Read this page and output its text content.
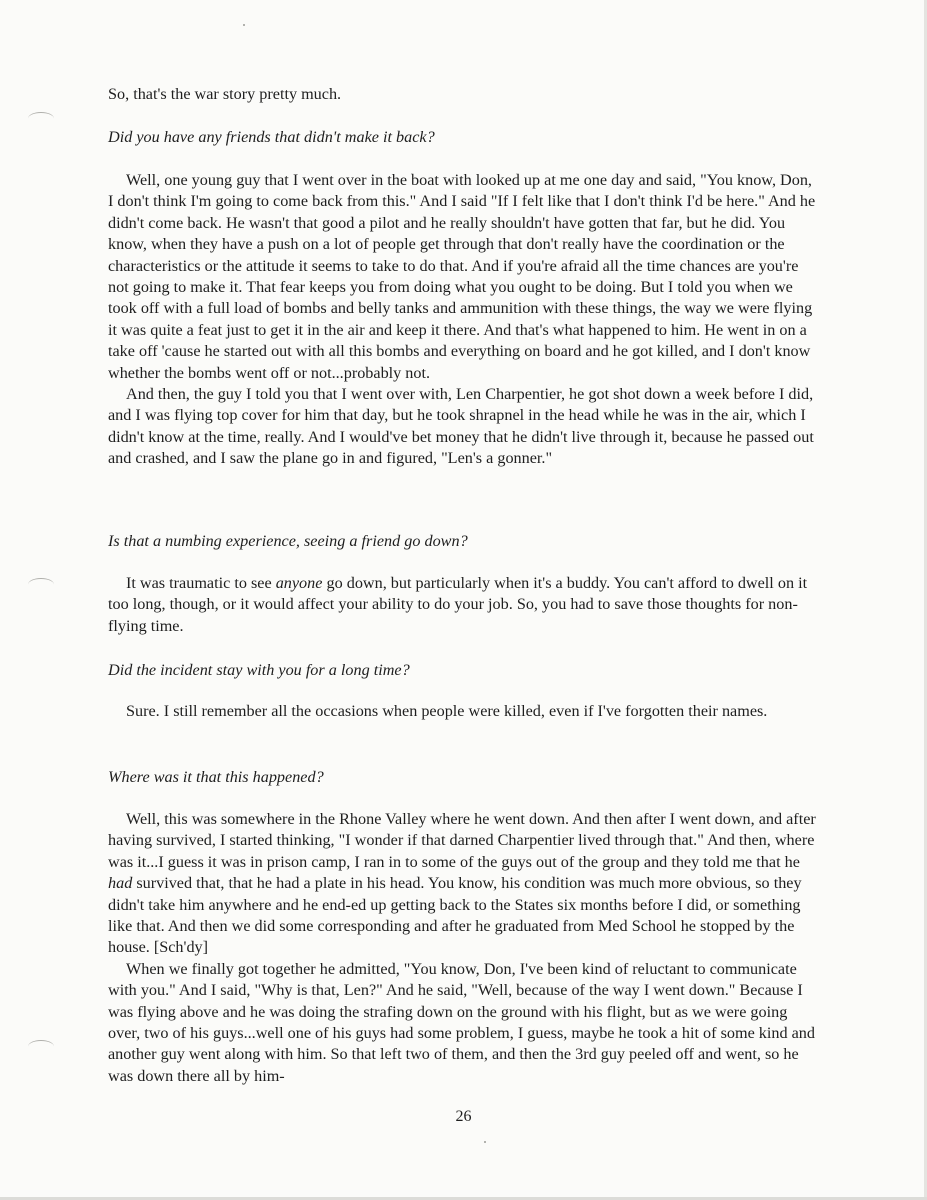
So, that's the war story pretty much.

Did you have any friends that didn't make it back?

Well, one young guy that I went over in the boat with looked up at me one day and said, "You know, Don, I don't think I'm going to come back from this." And I said "If I felt like that I don't think I'd be here." And he didn't come back. He wasn't that good a pilot and he really shouldn't have gotten that far, but he did. You know, when they have a push on a lot of people get through that don't really have the coordination or the characteristics or the attitude it seems to take to do that. And if you're afraid all the time chances are you're not going to make it. That fear keeps you from doing what you ought to be doing. But I told you when we took off with a full load of bombs and belly tanks and ammunition with these things, the way we were flying it was quite a feat just to get it in the air and keep it there. And that's what happened to him. He went in on a take off 'cause he started out with all this bombs and everything on board and he got killed, and I don't know whether the bombs went off or not...probably not.

And then, the guy I told you that I went over with, Len Charpentier, he got shot down a week before I did, and I was flying top cover for him that day, but he took shrapnel in the head while he was in the air, which I didn't know at the time, really. And I would've bet money that he didn't live through it, because he passed out and crashed, and I saw the plane go in and figured, "Len's a gonner."

Is that a numbing experience, seeing a friend go down?

It was traumatic to see anyone go down, but particularly when it's a buddy. You can't afford to dwell on it too long, though, or it would affect your ability to do your job. So, you had to save those thoughts for non-flying time.

Did the incident stay with you for a long time?

Sure. I still remember all the occasions when people were killed, even if I've forgotten their names.

Where was it that this happened?

Well, this was somewhere in the Rhone Valley where he went down. And then after I went down, and after having survived, I started thinking, "I wonder if that darned Charpentier lived through that." And then, where was it...I guess it was in prison camp, I ran in to some of the guys out of the group and they told me that he had survived that, that he had a plate in his head. You know, his condition was much more obvious, so they didn't take him anywhere and he end-ed up getting back to the States six months before I did, or something like that. And then we did some corresponding and after he graduated from Med School he stopped by the house. [Sch'dy]

When we finally got together he admitted, "You know, Don, I've been kind of reluctant to communicate with you." And I said, "Why is that, Len?" And he said, "Well, because of the way I went down." Because I was flying above and he was doing the strafing down on the ground with his flight, but as we were going over, two of his guys...well one of his guys had some problem, I guess, maybe he took a hit of some kind and another guy went along with him. So that left two of them, and then the 3rd guy peeled off and went, so he was down there all by him-

26
